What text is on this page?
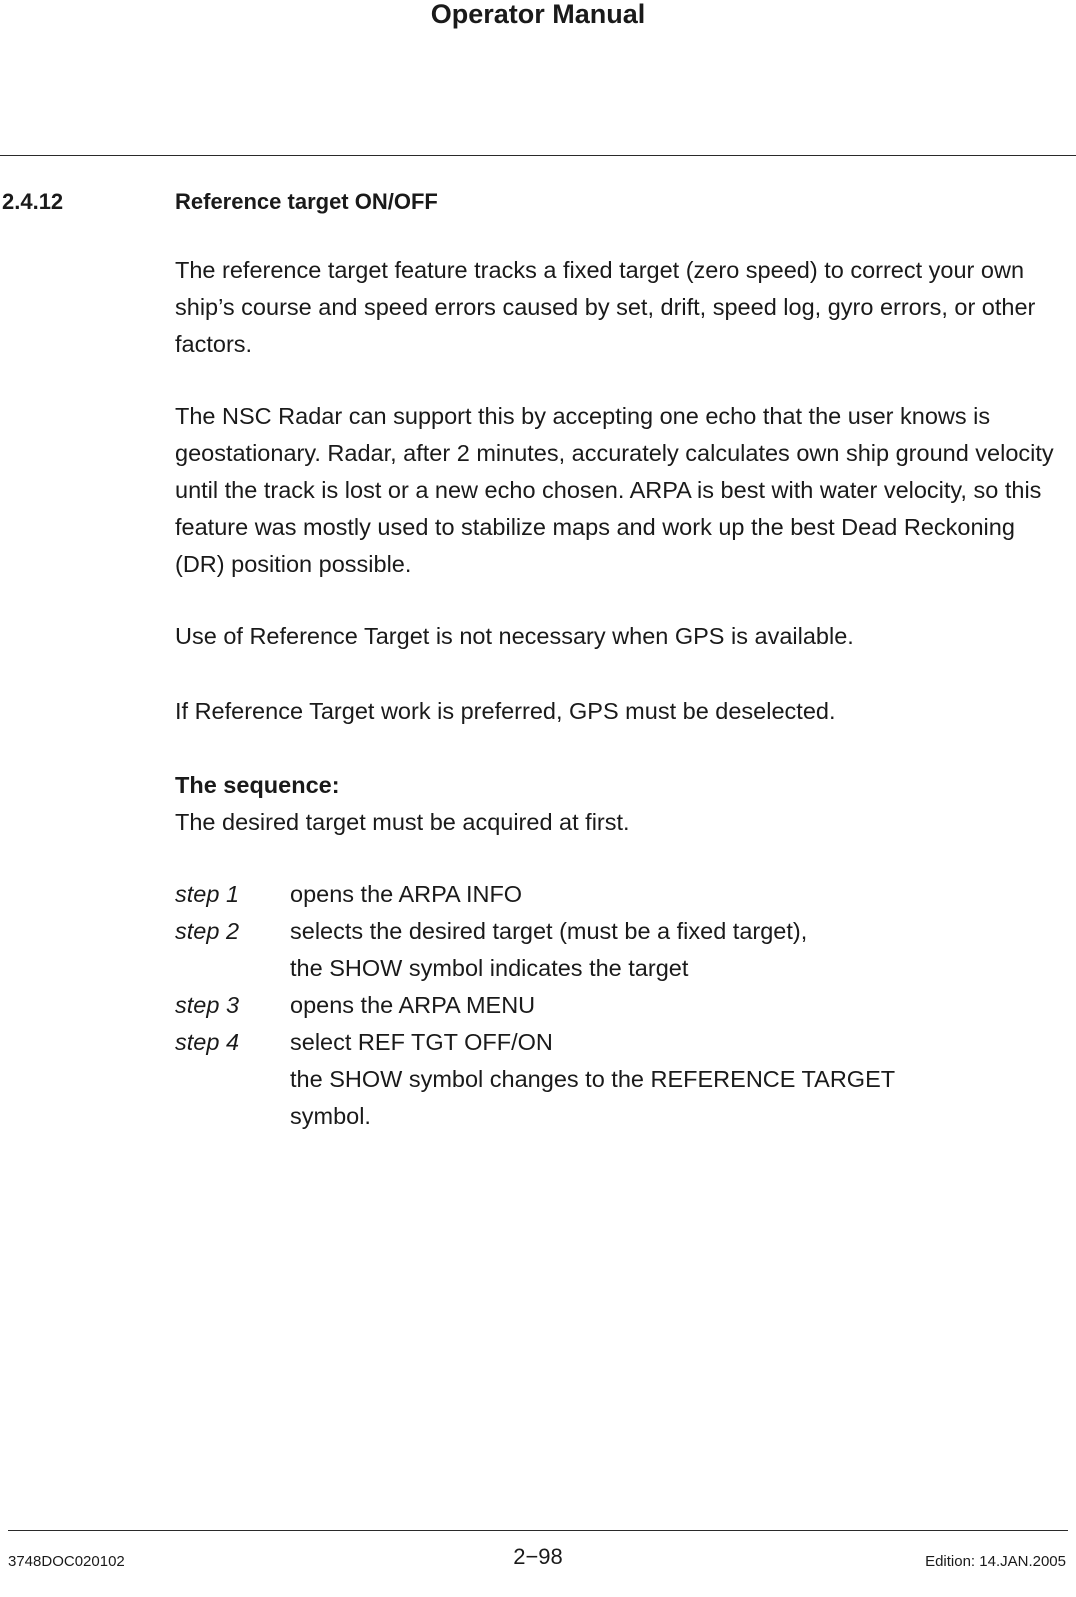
Operator Manual
2.4.12	Reference target ON/OFF

The reference target feature tracks a fixed target (zero speed) to correct your own ship’s course and speed errors caused by set, drift, speed log, gyro errors, or other factors.

The NSC Radar can support this by accepting one echo that the user knows is geostationary. Radar, after 2 minutes, accurately calculates own ship ground velocity until the track is lost or a new echo chosen. ARPA is best with water velocity, so this feature was mostly used to stabilize maps and work up the best Dead Reckoning (DR) position possible.

Use of Reference Target is not necessary when GPS is available.

If Reference Target work is preferred, GPS must be deselected.

The sequence:
The desired target must be acquired at first.
step 1	opens the ARPA INFO
step 2	selects the desired target (must be a fixed target),
the SHOW symbol indicates the target
step 3	opens the ARPA MENU
step 4	select REF TGT OFF/ON
the SHOW symbol changes to the REFERENCE TARGET
symbol.
3748DOC020102	2−98	Edition: 14.JAN.2005
